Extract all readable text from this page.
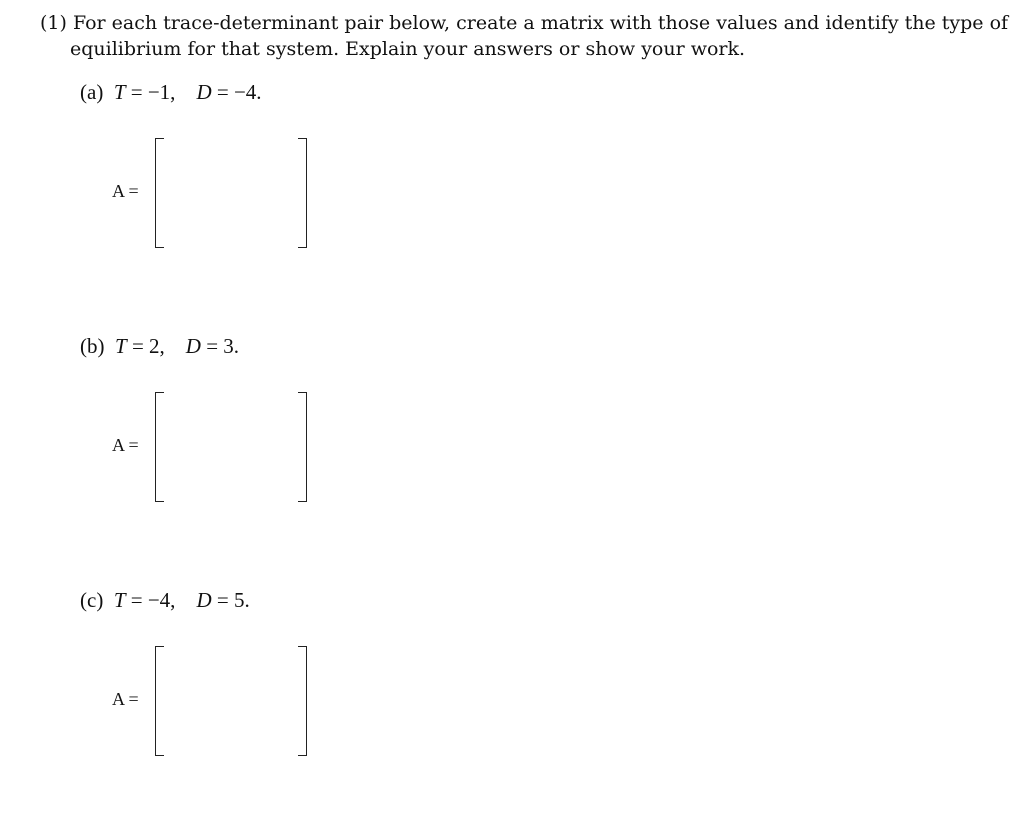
(1) For each trace-determinant pair below, create a matrix with those values and identify the type of
equilibrium for that system. Explain your answers or show your work.
(a) T = −1, D = −4.
A =
(b) T = 2, D = 3.
A =
(c) T = −4, D = 5.
A =
